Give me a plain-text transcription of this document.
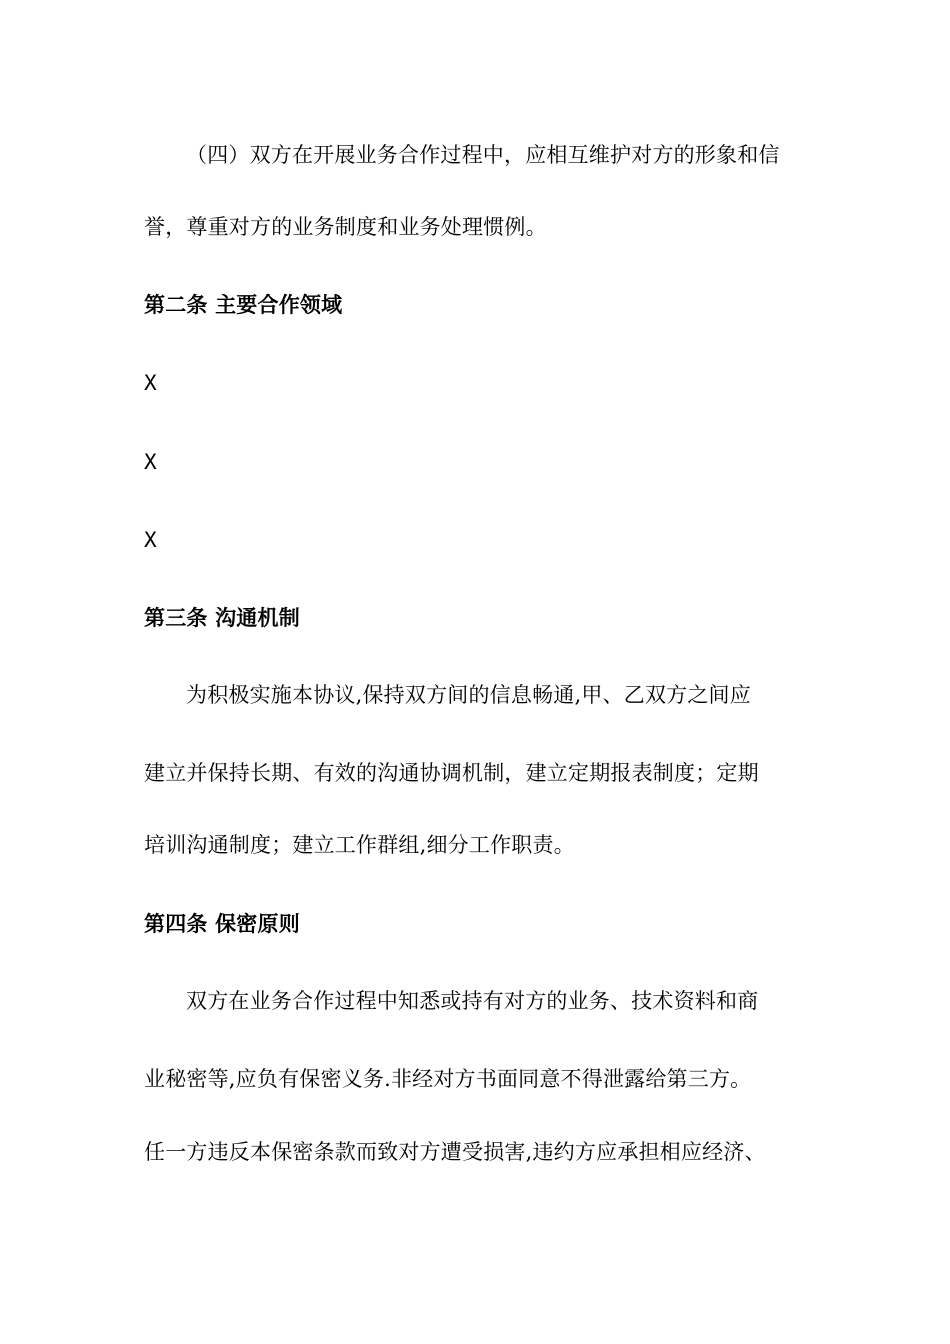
（四）双方在开展业务合作过程中，应相互维护对方的形象和信
誉，尊重对方的业务制度和业务处理惯例。
第二条 主要合作领域
X
X
X
第三条 沟通机制
为积极实施本协议,保持双方间的信息畅通,甲、乙双方之间应
建立并保持长期、有效的沟通协调机制，建立定期报表制度；定期
培训沟通制度；建立工作群组,细分工作职责。
第四条 保密原则
双方在业务合作过程中知悉或持有对方的业务、技术资料和商
业秘密等,应负有保密义务.非经对方书面同意不得泄露给第三方。
任一方违反本保密条款而致对方遭受损害,违约方应承担相应经济、
